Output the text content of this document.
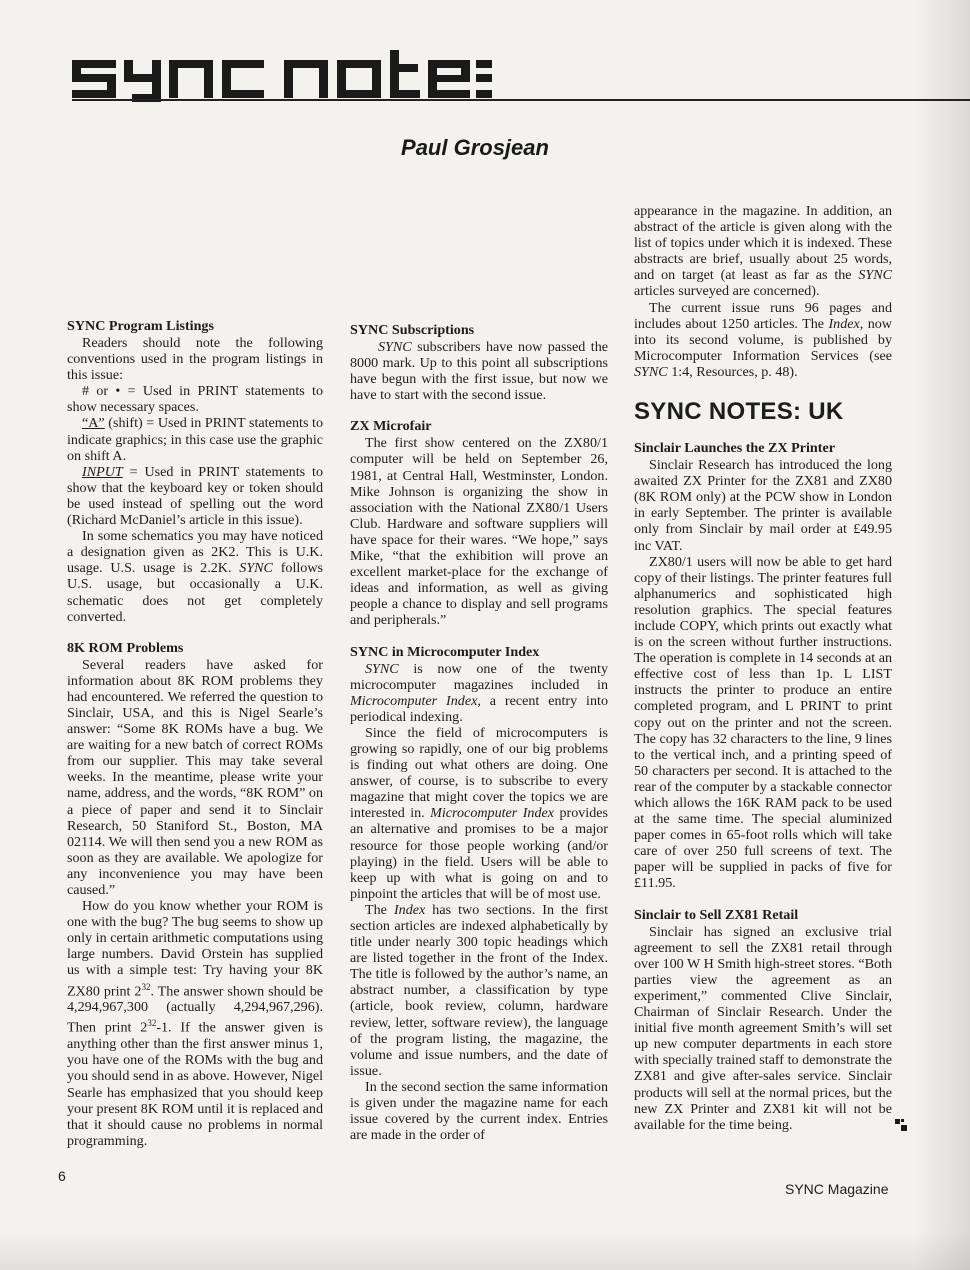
Paul Grosjean
SYNC Program Listings

Readers should note the following conventions used in the program listings in this issue:

# or • = Used in PRINT statements to show necessary spaces.

“A” (shift) = Used in PRINT statements to indicate graphics; in this case use the graphic on shift A.

INPUT = Used in PRINT statements to show that the keyboard key or token should be used instead of spelling out the word (Richard McDaniel’s article in this issue).

In some schematics you may have noticed a designation given as 2K2. This is U.K. usage. U.S. usage is 2.2K. SYNC follows U.S. usage, but occasionally a U.K. schematic does not get completely converted.

8K ROM Problems

Several readers have asked for information about 8K ROM problems they had encountered. We referred the question to Sinclair, USA, and this is Nigel Searle’s answer: “Some 8K ROMs have a bug. We are waiting for a new batch of correct ROMs from our supplier. This may take several weeks. In the meantime, please write your name, address, and the words, “8K ROM” on a piece of paper and send it to Sinclair Research, 50 Staniford St., Boston, MA 02114. We will then send you a new ROM as soon as they are available. We apologize for any inconvenience you may have been caused.”

How do you know whether your ROM is one with the bug? The bug seems to show up only in certain arithmetic computations using large numbers. David Orstein has supplied us with a simple test: Try having your 8K ZX80 print $2^{32}$. The answer shown should be 4,294,967,300 (actually 4,294,967,296). Then print $2^{32}-1$. If the answer given is anything other than the first answer minus 1, you have one of the ROMs with the bug and you should send in as above. However, Nigel Searle has emphasized that you should keep your present 8K ROM until it is replaced and that it should cause no problems in normal programming.

SYNC Subscriptions

SYNC subscribers have now passed the 8000 mark. Up to this point all subscriptions have begun with the first issue, but now we have to start with the second issue.

ZX Microfair

The first show centered on the ZX80/1 computer will be held on September 26, 1981, at Central Hall, Westminster, London. Mike Johnson is organizing the show in association with the National ZX80/1 Users Club. Hardware and software suppliers will have space for their wares. “We hope,” says Mike, “that the exhibition will prove an excellent market-place for the exchange of ideas and information, as well as giving people a chance to display and sell programs and peripherals.”

SYNC in Microcomputer Index

SYNC is now one of the twenty microcomputer magazines included in Microcomputer Index, a recent entry into periodical indexing.

Since the field of microcomputers is growing so rapidly, one of our big problems is finding out what others are doing. One answer, of course, is to subscribe to every magazine that might cover the topics we are interested in. Microcomputer Index provides an alternative and promises to be a major resource for those people working (and/or playing) in the field. Users will be able to keep up with what is going on and to pinpoint the articles that will be of most use.

The Index has two sections. In the first section articles are indexed alphabetically by title under nearly 300 topic headings which are listed together in the front of the Index. The title is followed by the author’s name, an abstract number, a classification by type (article, book review, column, hardware review, letter, software review), the language of the program listing, the magazine, the volume and issue numbers, and the date of issue.

In the second section the same information is given under the magazine name for each issue covered by the current index. Entries are made in the order of

appearance in the magazine. In addition, an abstract of the article is given along with the list of topics under which it is indexed. These abstracts are brief, usually about 25 words, and on target (at least as far as the SYNC articles surveyed are concerned).

The current issue runs 96 pages and includes about 1250 articles. The Index, now into its second volume, is published by Microcomputer Information Services (see SYNC 1:4, Resources, p. 48).

SYNC NOTES: UK
Sinclair Launches the ZX Printer

Sinclair Research has introduced the long awaited ZX Printer for the ZX81 and ZX80 (8K ROM only) at the PCW show in London in early September. The printer is available only from Sinclair by mail order at £49.95 inc VAT.

ZX80/1 users will now be able to get hard copy of their listings. The printer features full alphanumerics and sophisticated high resolution graphics. The special features include COPY, which prints out exactly what is on the screen without further instructions. The operation is complete in 14 seconds at an effective cost of less than 1p. L LIST instructs the printer to produce an entire completed program, and L PRINT to print copy out on the printer and not the screen. The copy has 32 characters to the line, 9 lines to the vertical inch, and a printing speed of 50 characters per second. It is attached to the rear of the computer by a stackable connector which allows the 16K RAM pack to be used at the same time. The special aluminized paper comes in 65-foot rolls which will take care of over 250 full screens of text. The paper will be supplied in packs of five for £11.95.

Sinclair to Sell ZX81 Retail

Sinclair has signed an exclusive trial agreement to sell the ZX81 retail through over 100 W H Smith high-street stores. “Both parties view the agreement as an experiment,” commented Clive Sinclair, Chairman of Sinclair Research. Under the initial five month agreement Smith’s will set up new computer departments in each store with specially trained staff to demonstrate the ZX81 and give after-sales service. Sinclair products will sell at the normal prices, but the new ZX Printer and ZX81 kit will not be available for the time being.

6
SYNC Magazine
